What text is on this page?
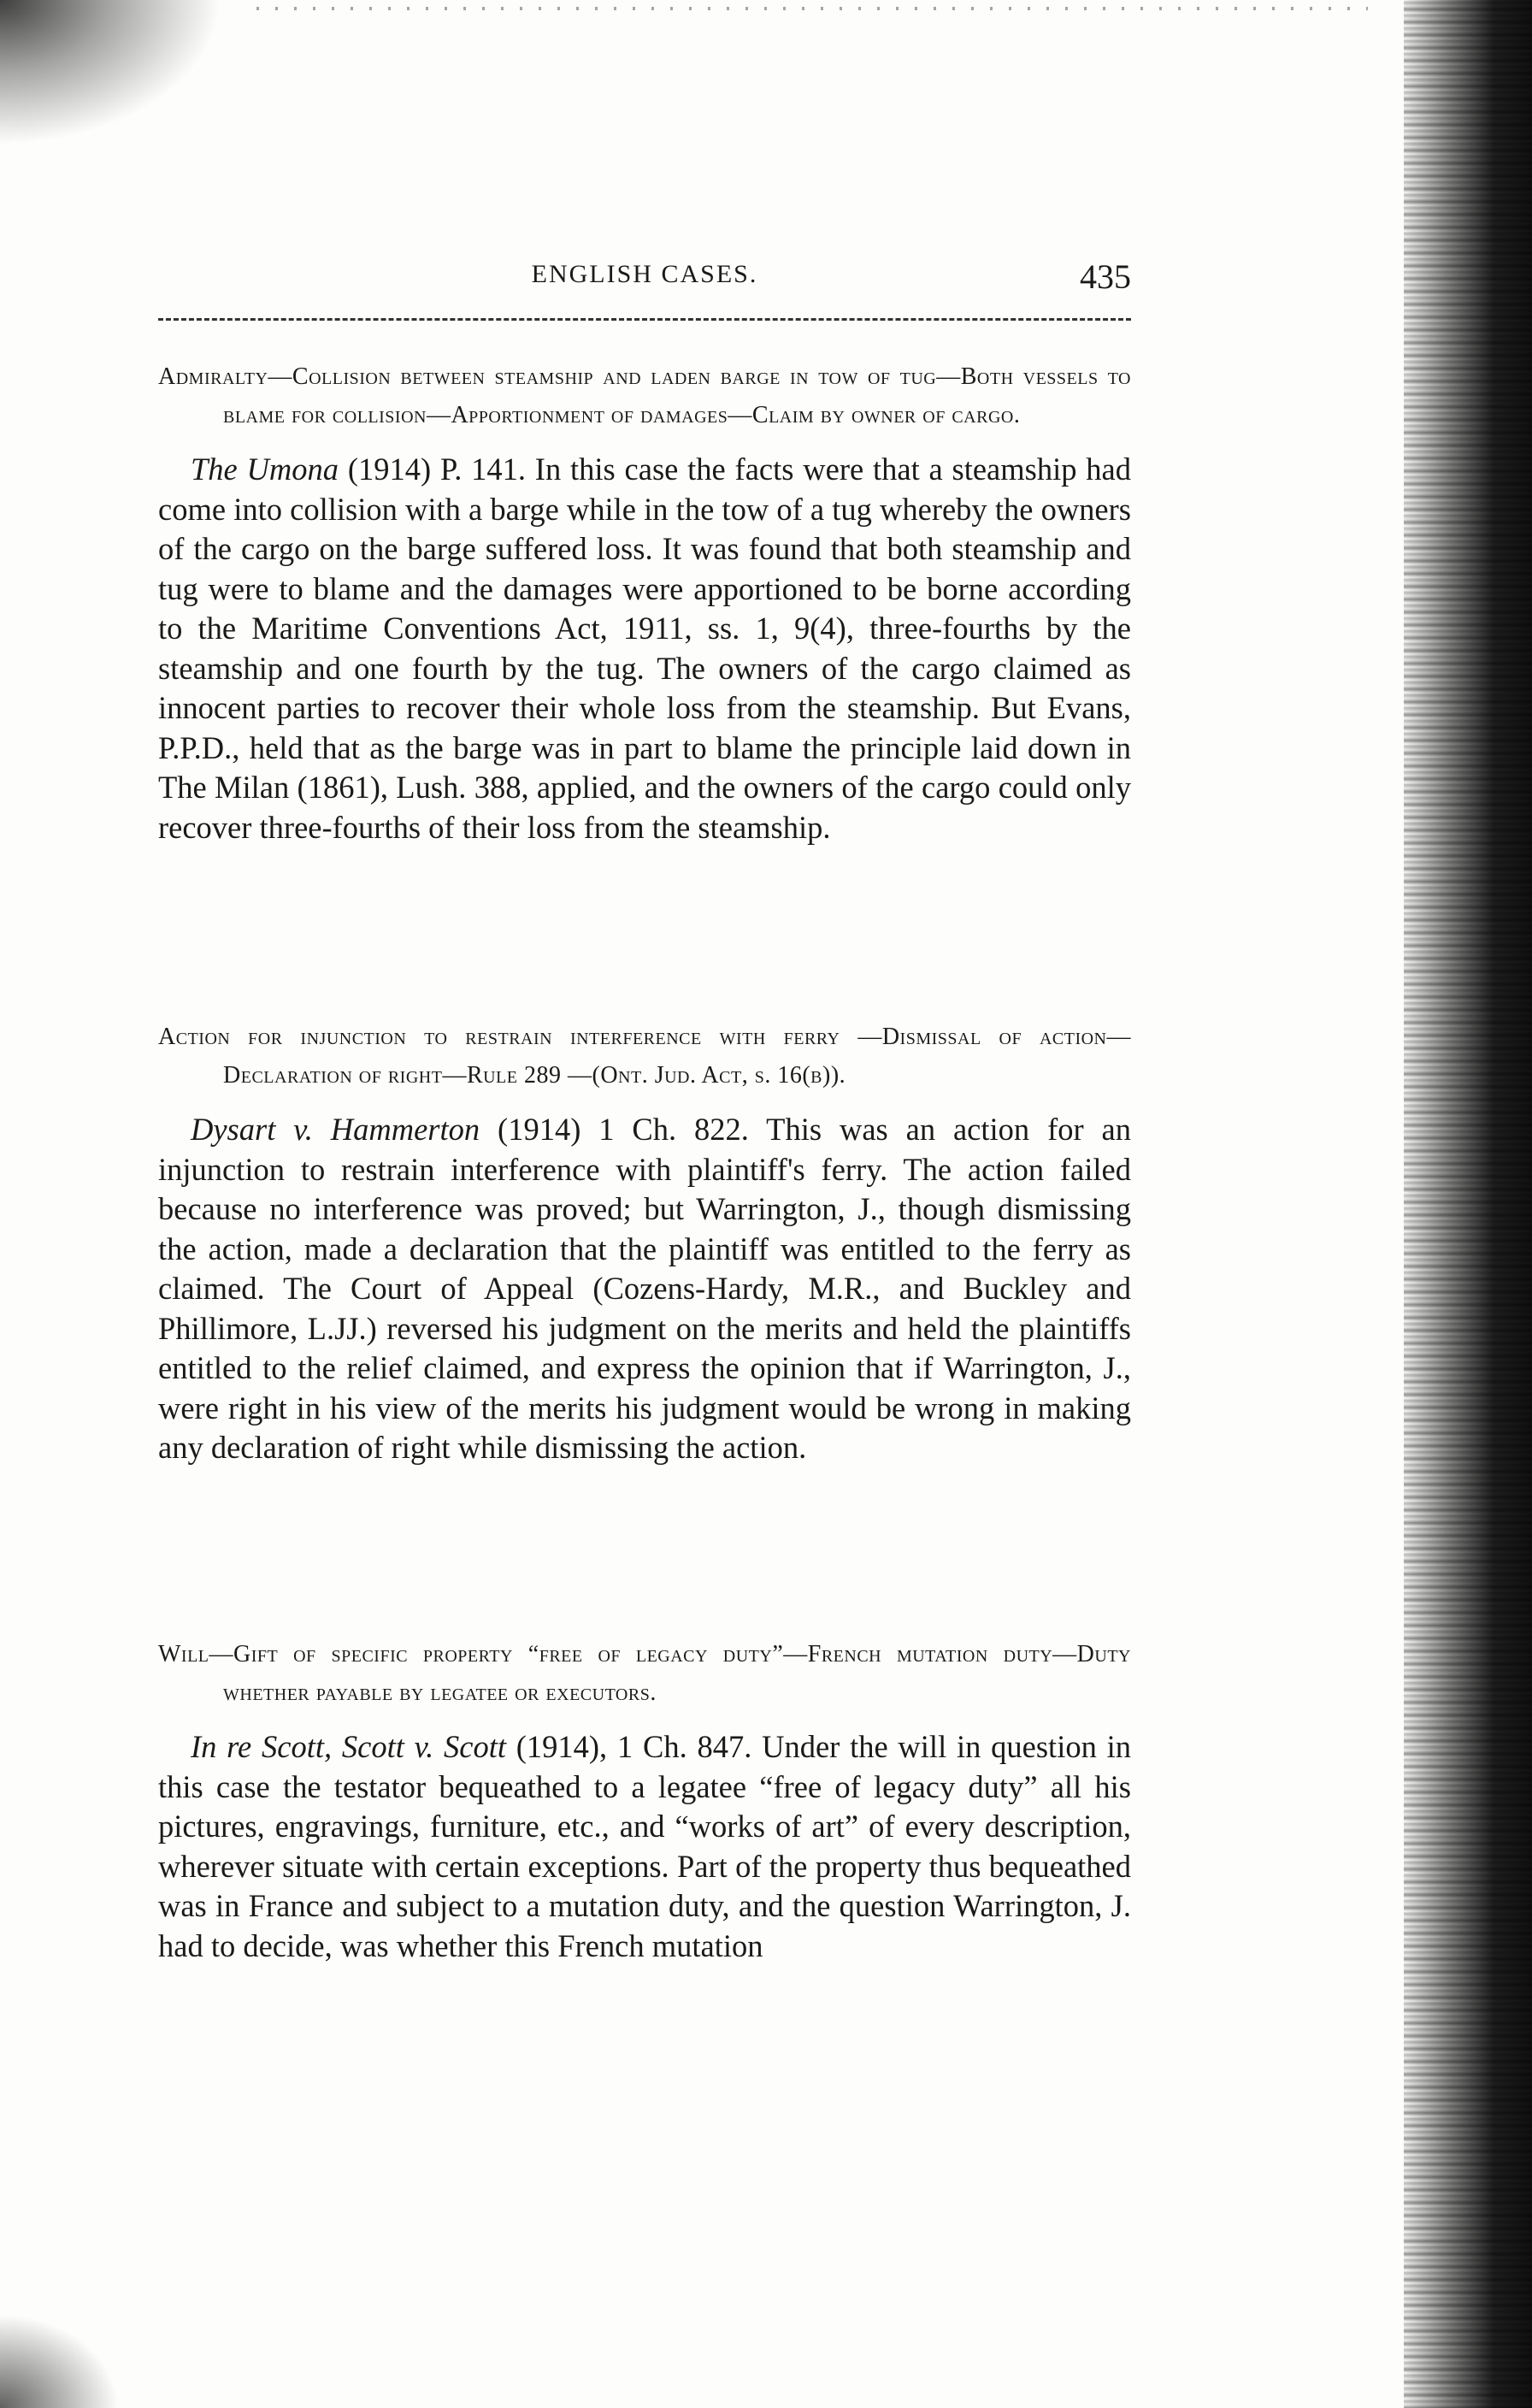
ENGLISH CASES.	435

Admiralty—Collision between steamship and laden barge in tow of tug—Both vessels to blame for collision—Apportionment of damages—Claim by owner of cargo.

The Umona (1914) P. 141. In this case the facts were that a steamship had come into collision with a barge while in the tow of a tug whereby the owners of the cargo on the barge suffered loss. It was found that both steamship and tug were to blame and the damages were apportioned to be borne according to the Maritime Conventions Act, 1911, ss. 1, 9(4), three-fourths by the steamship and one fourth by the tug. The owners of the cargo claimed as innocent parties to recover their whole loss from the steamship. But Evans, P.P.D., held that as the barge was in part to blame the principle laid down in The Milan (1861), Lush. 388, applied, and the owners of the cargo could only recover three-fourths of their loss from the steamship.

Action for injunction to restrain interference with ferry —Dismissal of action—Declaration of right—Rule 289 —(Ont. Jud. Act, s. 16(b)).

Dysart v. Hammerton (1914) 1 Ch. 822. This was an action for an injunction to restrain interference with plaintiff's ferry. The action failed because no interference was proved; but Warrington, J., though dismissing the action, made a declaration that the plaintiff was entitled to the ferry as claimed. The Court of Appeal (Cozens-Hardy, M.R., and Buckley and Phillimore, L.JJ.) reversed his judgment on the merits and held the plaintiffs entitled to the relief claimed, and express the opinion that if Warrington, J., were right in his view of the merits his judgment would be wrong in making any declaration of right while dismissing the action.

Will—Gift of specific property “free of legacy duty”—French mutation duty—Duty whether payable by legatee or executors.

In re Scott, Scott v. Scott (1914), 1 Ch. 847. Under the will in question in this case the testator bequeathed to a legatee “free of legacy duty” all his pictures, engravings, furniture, etc., and “works of art” of every description, wherever situate with certain exceptions. Part of the property thus bequeathed was in France and subject to a mutation duty, and the question Warrington, J. had to decide, was whether this French mutation
